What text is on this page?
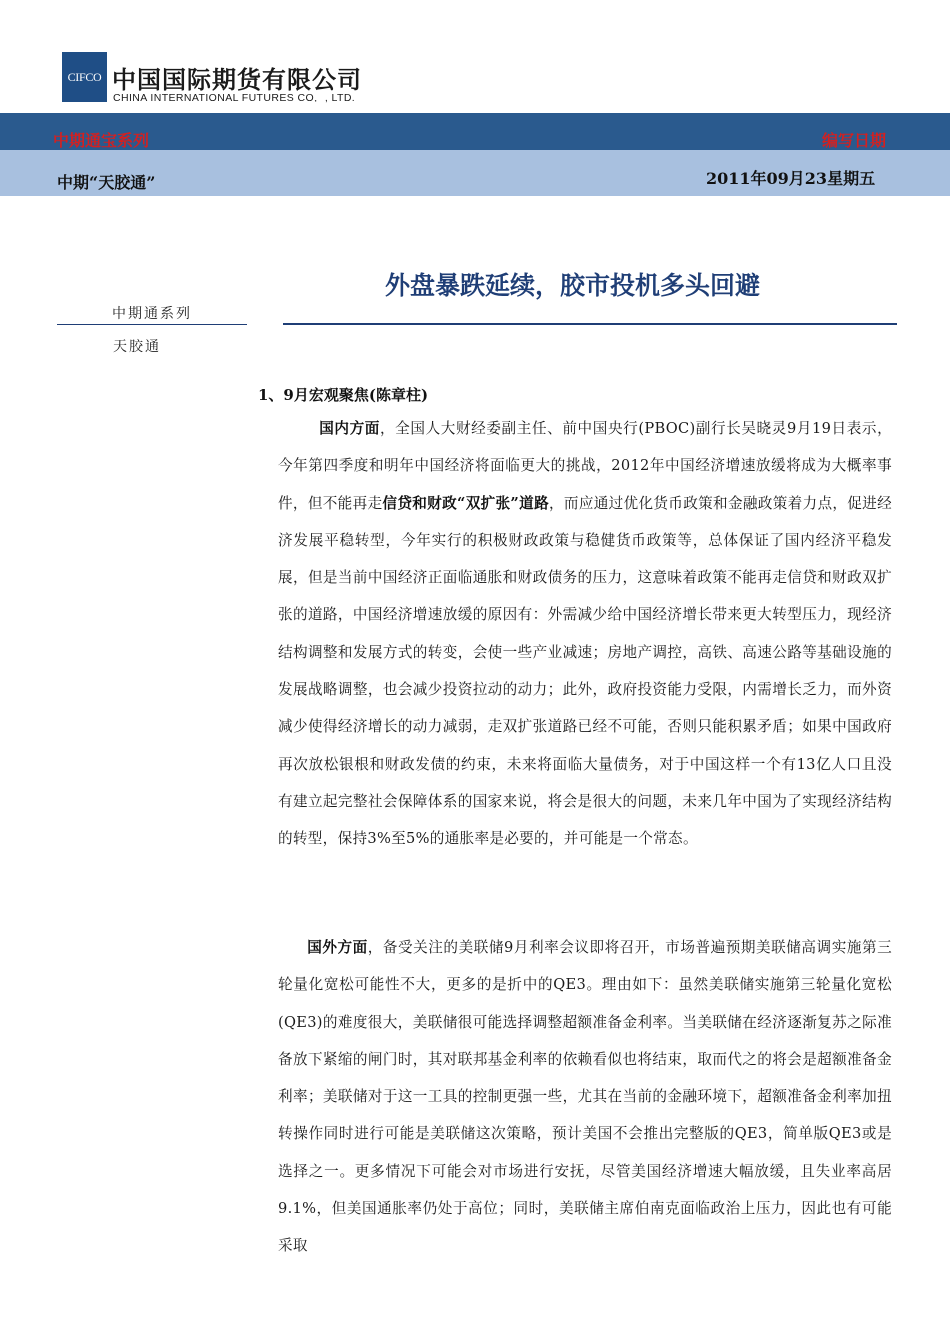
CIFCO 中国国际期货有限公司
CHINA INTERNATIONAL FUTURES CO．, LTD.
中期通宝系列	编写日期
中期“天胶通”	2011年09月23星期五
外盘暴跌延续，胶市投机多头回避
中期通系列
天胶通
1、9月宏观聚焦(陈章柱)

国内方面，全国人大财经委副主任、前中国央行(PBOC)副行长吴晓灵9月19日表示，今年第四季度和明年中国经济将面临更大的挑战，2012年中国经济增速放缓将成为大概率事件，但不能再走信贷和财政“双扩张”道路，而应通过优化货币政策和金融政策着力点，促进经济发展平稳转型，今年实行的积极财政政策与稳健货币政策等，总体保证了国内经济平稳发展，但是当前中国经济正面临通胀和财政债务的压力，这意味着政策不能再走信贷和财政双扩张的道路，中国经济增速放缓的原因有：外需减少给中国经济增长带来更大转型压力，现经济结构调整和发展方式的转变，会使一些产业减速；房地产调控，高铁、高速公路等基础设施的发展战略调整，也会减少投资拉动的动力；此外，政府投资能力受限，内需增长乏力，而外资减少使得经济增长的动力减弱，走双扩张道路已经不可能，否则只能积累矛盾；如果中国政府再次放松银根和财政发债的约束，未来将面临大量债务，对于中国这样一个有13亿人口且没有建立起完整社会保障体系的国家来说，将会是很大的问题，未来几年中国为了实现经济结构的转型，保持3%至5%的通胀率是必要的，并可能是一个常态。

国外方面，备受关注的美联储9月利率会议即将召开，市场普遍预期美联储高调实施第三轮量化宽松可能性不大，更多的是折中的QE3。理由如下：虽然美联储实施第三轮量化宽松(QE3)的难度很大，美联储很可能选择调整超额准备金利率。当美联储在经济逐渐复苏之际准备放下紧缩的闸门时，其对联邦基金利率的依赖看似也将结束，取而代之的将会是超额准备金利率；美联储对于这一工具的控制更强一些，尤其在当前的金融环境下，超额准备金利率加扭转操作同时进行可能是美联储这次策略，预计美国不会推出完整版的QE3，简单版QE3或是选择之一。更多情况下可能会对市场进行安抚，尽管美国经济增速大幅放缓，且失业率高居9.1%，但美国通胀率仍处于高位；同时，美联储主席伯南克面临政治上压力，因此也有可能采取
